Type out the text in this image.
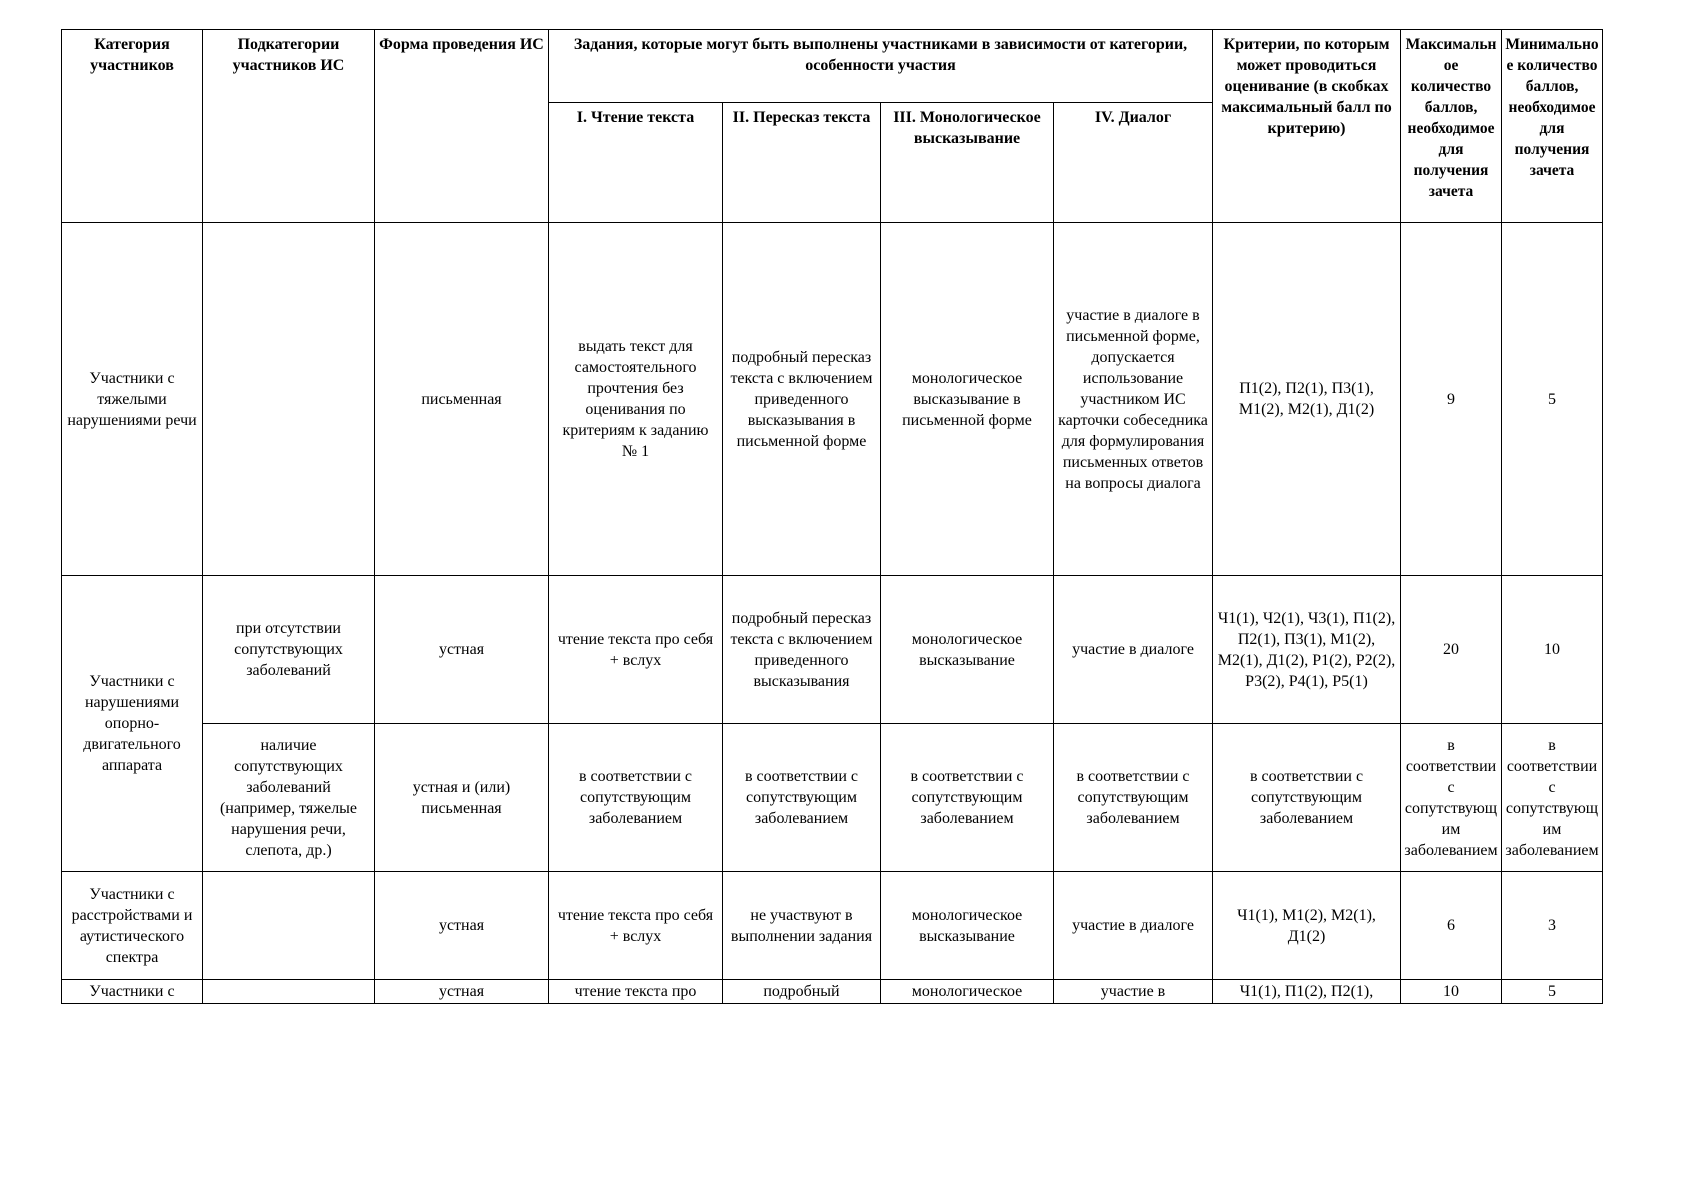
Категория участников	Подкатегории участников ИС	Форма проведения ИС	Задания, которые могут быть выполнены участниками в зависимости от категории, особенности участия				Критерии, по которым может проводиться оценивание (в скобках максимальный балл по критерию)	Максимальное количество баллов, необходимое для получения зачета	Минимальное количество баллов, необходимое для получения зачета
			I. Чтение текста	II. Пересказ текста	III. Монологическое высказывание	IV. Диалог			
Участники с тяжелыми нарушениями речи		письменная	выдать текст для самостоятельного прочтения без оценивания по критериям к заданию № 1	подробный пересказ текста с включением приведенного высказывания в письменной форме	монологическое высказывание в письменной форме	участие в диалоге в письменной форме, допускается использование участником ИС карточки собеседника для формулирования письменных ответов на вопросы диалога	П1(2), П2(1), П3(1), М1(2), М2(1), Д1(2)	9	5
Участники с нарушениями опорно-двигательного аппарата	при отсутствии сопутствующих заболеваний	устная	чтение текста про себя + вслух	подробный пересказ текста с включением приведенного высказывания	монологическое высказывание	участие в диалоге	Ч1(1), Ч2(1), Ч3(1), П1(2), П2(1), П3(1), М1(2), М2(1), Д1(2), Р1(2), Р2(2), Р3(2), Р4(1), Р5(1)	20	10
	наличие сопутствующих заболеваний (например, тяжелые нарушения речи, слепота, др.)	устная и (или) письменная	в соответствии с сопутствующим заболеванием	в соответствии с сопутствующим заболеванием	в соответствии с сопутствующим заболеванием	в соответствии с сопутствующим заболеванием	в соответствии с сопутствующим заболеванием	в соответствии с сопутствующим заболеванием	в соответствии с сопутствующим заболеванием
Участники с расстройствами и аутистического спектра		устная	чтение текста про себя + вслух	не участвуют в выполнении задания	монологическое высказывание	участие в диалоге	Ч1(1), М1(2), М2(1), Д1(2)	6	3
Участники с		устная	чтение текста про	подробный	монологическое	участие в	Ч1(1), П1(2), П2(1),	10	5
